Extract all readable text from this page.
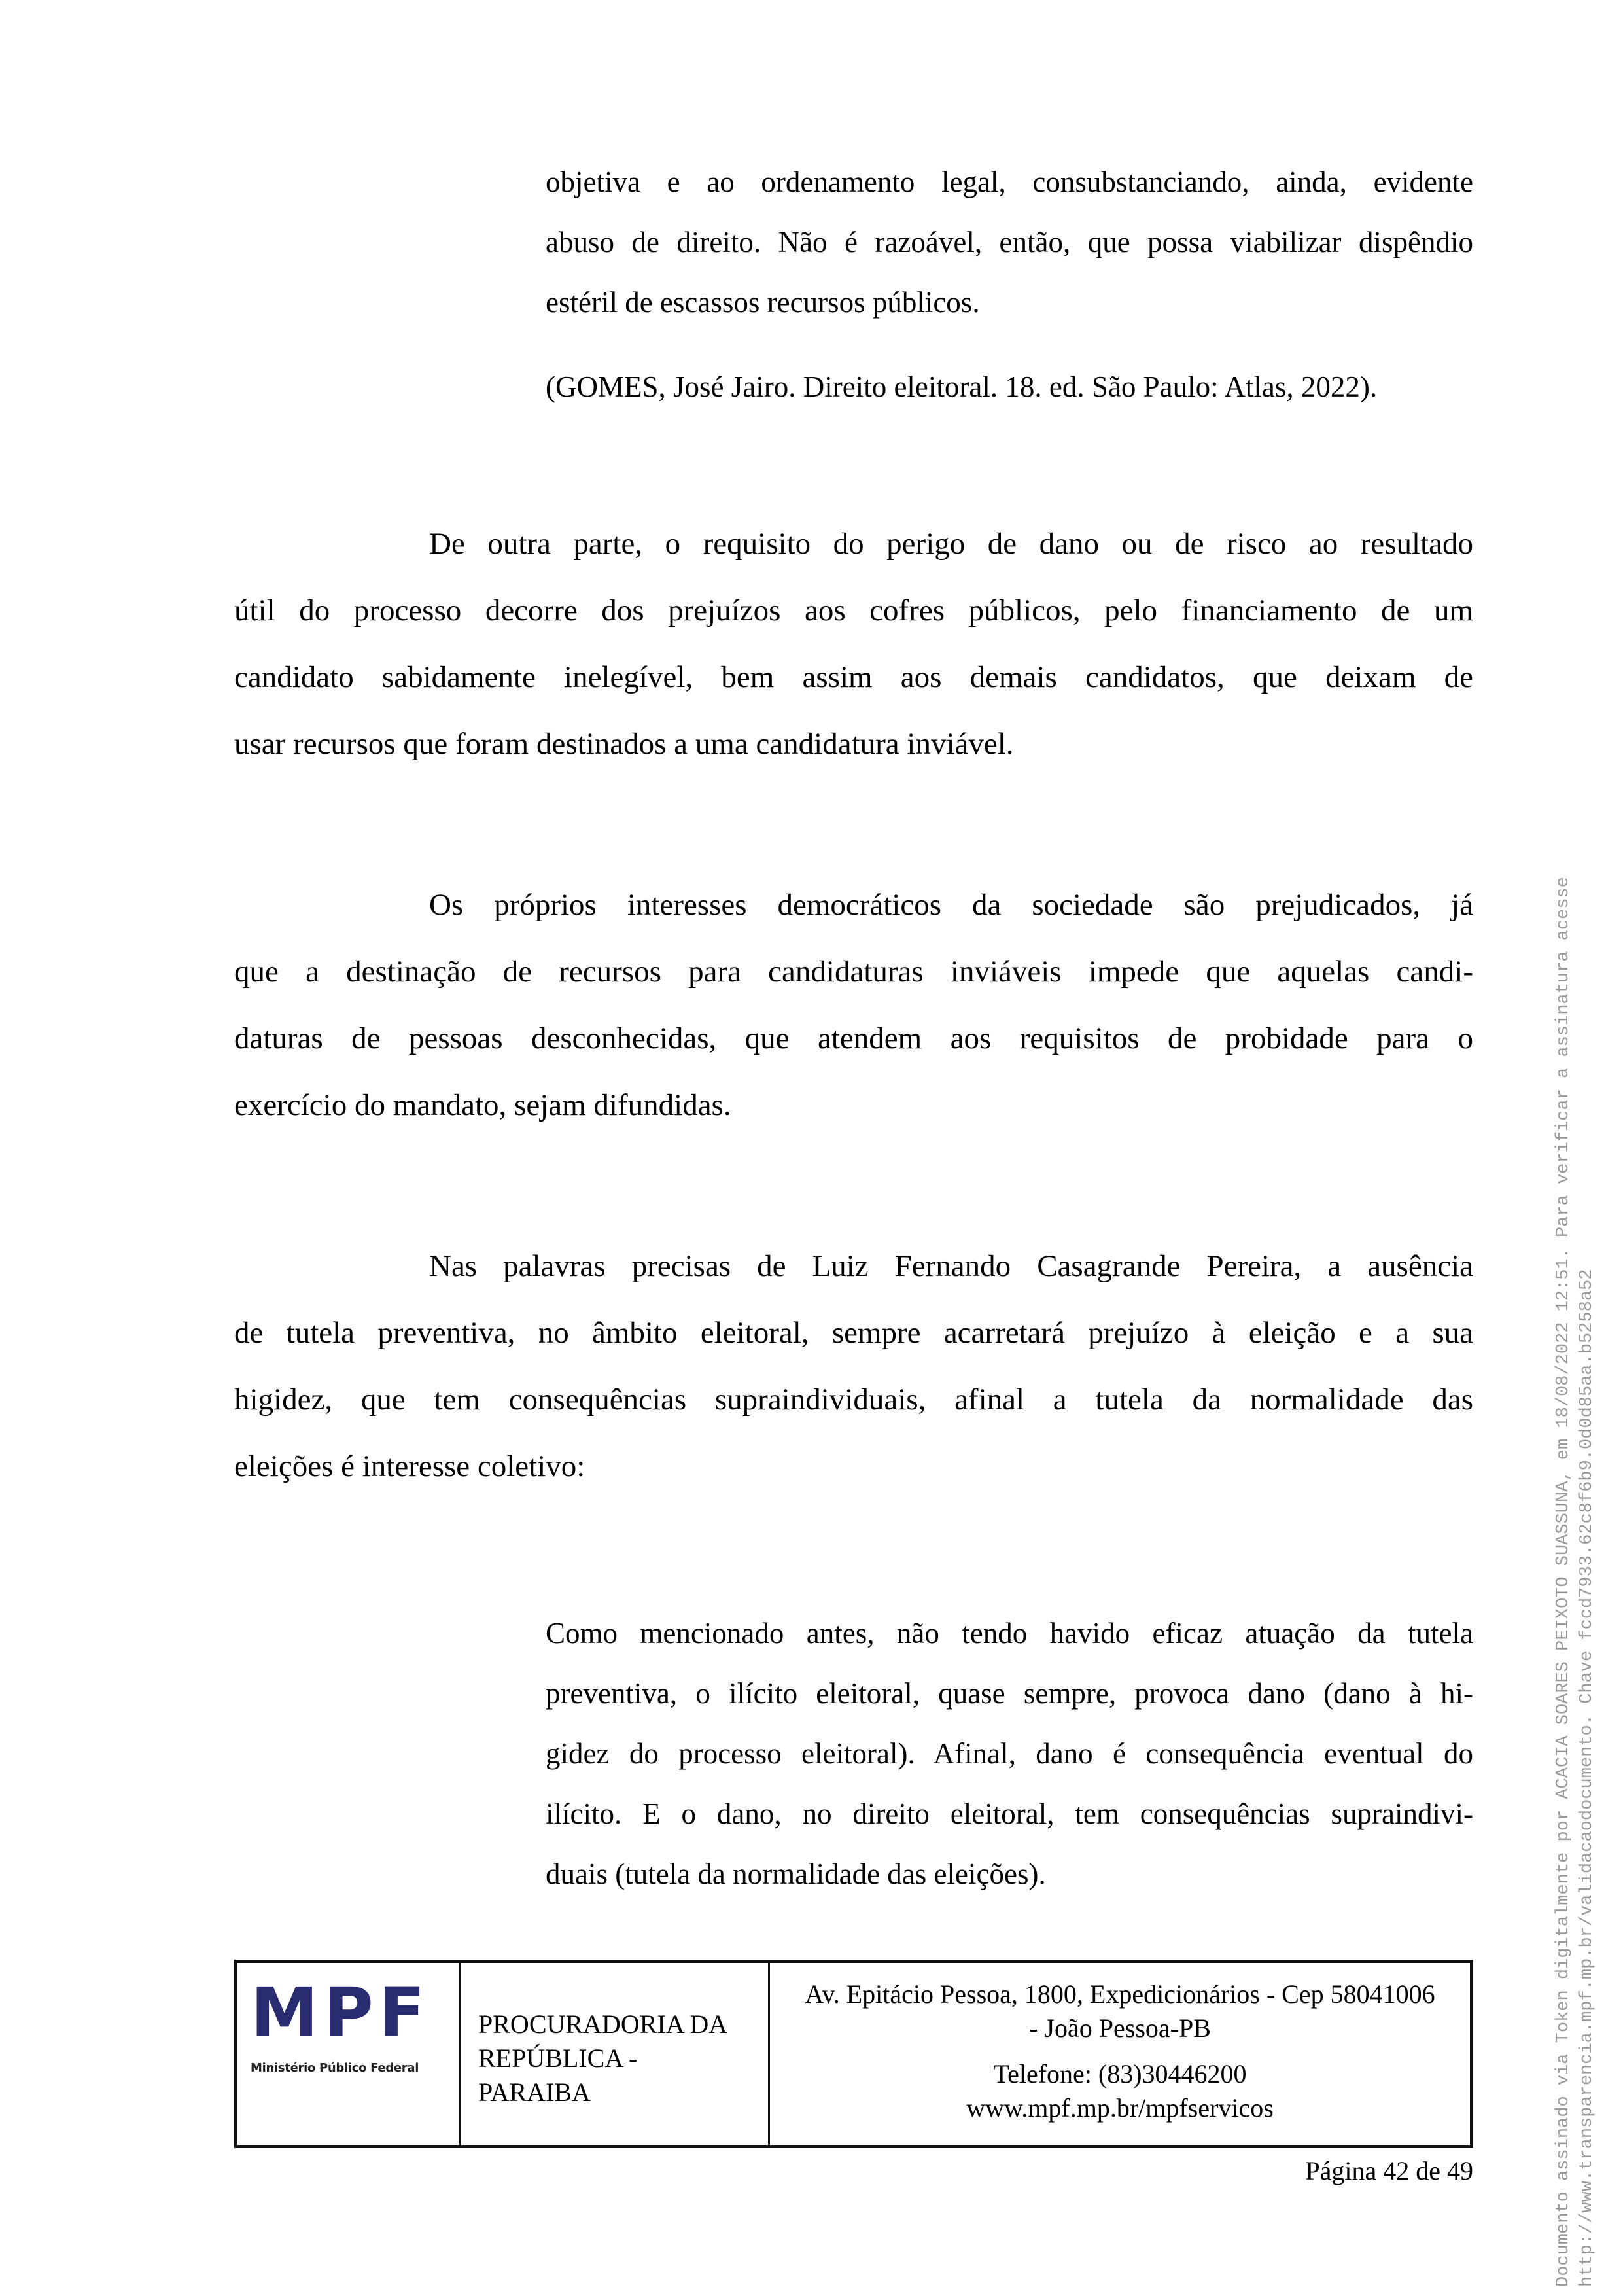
objetiva e ao ordenamento legal, consubstanciando, ainda, evidente
abuso de direito. Não é razoável, então, que possa viabilizar dispêndio
estéril de escassos recursos públicos.
(GOMES, José Jairo. Direito eleitoral. 18. ed. São Paulo: Atlas, 2022).
De outra parte, o requisito do perigo de dano ou de risco ao resultado
útil do processo decorre dos prejuízos aos cofres públicos, pelo financiamento de um
candidato sabidamente inelegível, bem assim aos demais candidatos, que deixam de
usar recursos que foram destinados a uma candidatura inviável.
Os próprios interesses democráticos da sociedade são prejudicados, já
que a destinação de recursos para candidaturas inviáveis impede que aquelas candi-
daturas de pessoas desconhecidas, que atendem aos requisitos de probidade para o
exercício do mandato, sejam difundidas.
Nas palavras precisas de Luiz Fernando Casagrande Pereira, a ausência
de tutela preventiva, no âmbito eleitoral, sempre acarretará prejuízo à eleição e a sua
higidez, que tem consequências supraindividuais, afinal a tutela da normalidade das
eleições é interesse coletivo:
Como mencionado antes, não tendo havido eficaz atuação da tutela
preventiva, o ilícito eleitoral, quase sempre, provoca dano (dano à hi-
gidez do processo eleitoral). Afinal, dano é consequência eventual do
ilícito. E o dano, no direito eleitoral, tem consequências supraindivi-
duais (tutela da normalidade das eleições).
MPF
Ministério Público Federal
PROCURADORIA DA
REPÚBLICA -
PARAIBA
Av. Epitácio Pessoa, 1800, Expedicionários - Cep 58041006
- João Pessoa-PB
Telefone: (83)30446200
www.mpf.mp.br/mpfservicos
Página 42 de 49	Documento assinado via Token digitalmente por ACACIA SOARES PEIXOTO SUASSUNA, em 18/08/2022 12:51. Para verificar a assinatura acesse http://www.transparencia.mpf.mp.br/validacaodocumento. Chave fccd7933.62c8f6b9.0d0d85aa.b5258a52
